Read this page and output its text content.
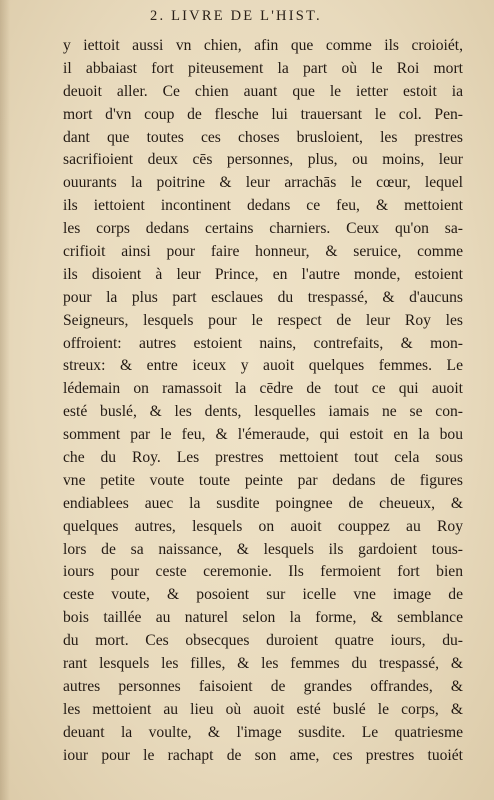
2. LIVRE DE L'HIST.
y iettoit aussi vn chien, afin que comme ils croioiét,
il abbaiast fort piteusement la part où le Roi mort
deuoit aller. Ce chien auant que le ietter estoit ia
mort d'vn coup de flesche lui trauersant le col. Pen-
dant que toutes ces choses brusloient, les prestres
sacrifioient deux cēs personnes, plus, ou moins, leur
ouurants la poitrine & leur arrachās le cœur, lequel
ils iettoient incontinent dedans ce feu, & mettoient
les corps dedans certains charniers. Ceux qu'on sa-
crifioit ainsi pour faire honneur, & seruice, comme
ils disoient à leur Prince, en l'autre monde, estoient
pour la plus part esclaues du trespassé, & d'aucuns
Seigneurs, lesquels pour le respect de leur Roy les
offroient: autres estoient nains, contrefaits, & mon-
streux: & entre iceux y auoit quelques femmes. Le
lédemain on ramassoit la cēdre de tout ce qui auoit
esté buslé, & les dents, lesquelles iamais ne se con-
somment par le feu, & l'émeraude, qui estoit en la bou
che du Roy. Les prestres mettoient tout cela sous
vne petite voute toute peinte par dedans de figures
endiablees auec la susdite poingnee de cheueux, &
quelques autres, lesquels on auoit couppez au Roy
lors de sa naissance, & lesquels ils gardoient tous-
iours pour ceste ceremonie. Ils fermoient fort bien
ceste voute, & posoient sur icelle vne image de
bois taillée au naturel selon la forme, & semblance
du mort. Ces obsecques duroient quatre iours, du-
rant lesquels les filles, & les femmes du trespassé, &
autres personnes faisoient de grandes offrandes, &
les mettoient au lieu où auoit esté buslé le corps, &
deuant la voulte, & l'image susdite. Le quatriesme
iour pour le rachapt de son ame, ces prestres tuoiét
